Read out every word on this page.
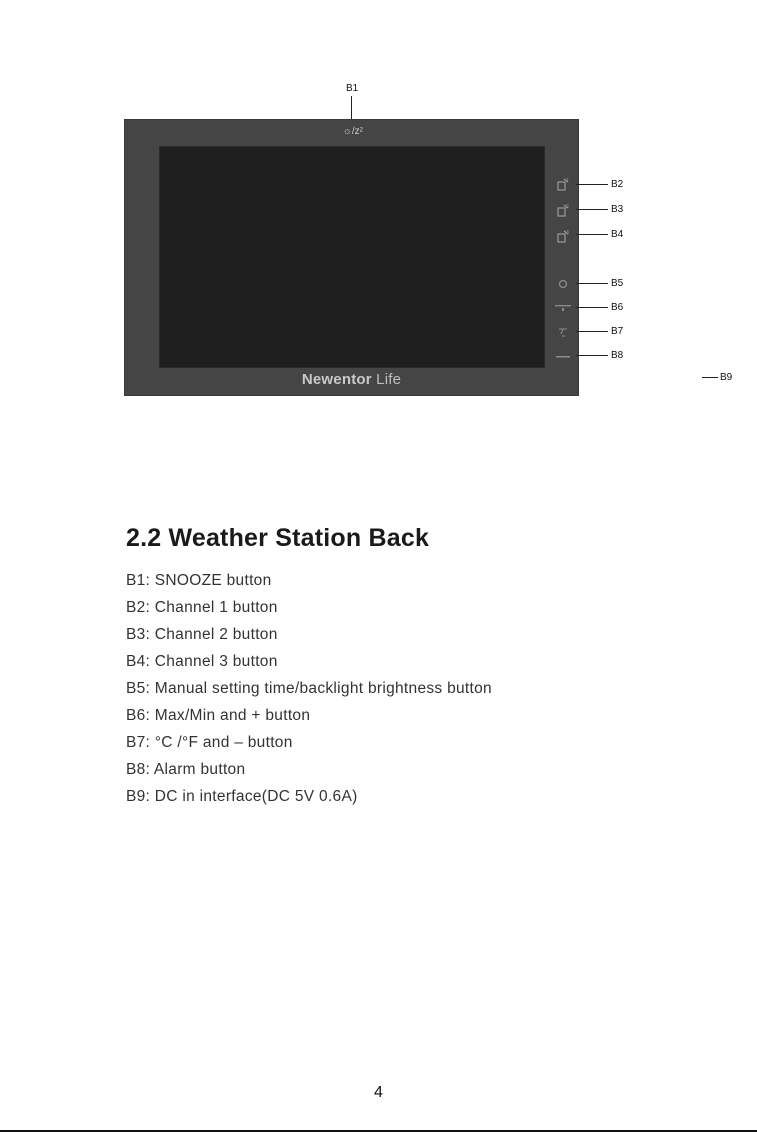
B1
☼/zᶻ
1
2
3
Newentor Life
B2
B3
B4
B5
B6
B7
B8
B9
2.2 Weather Station Back
B1: SNOOZE button
B2: Channel 1 button
B3: Channel 2 button
B4: Channel 3 button
B5: Manual setting time/backlight brightness button
B6: Max/Min and + button
B7: °C /°F and – button
B8: Alarm button
B9: DC in interface(DC 5V 0.6A)
4
